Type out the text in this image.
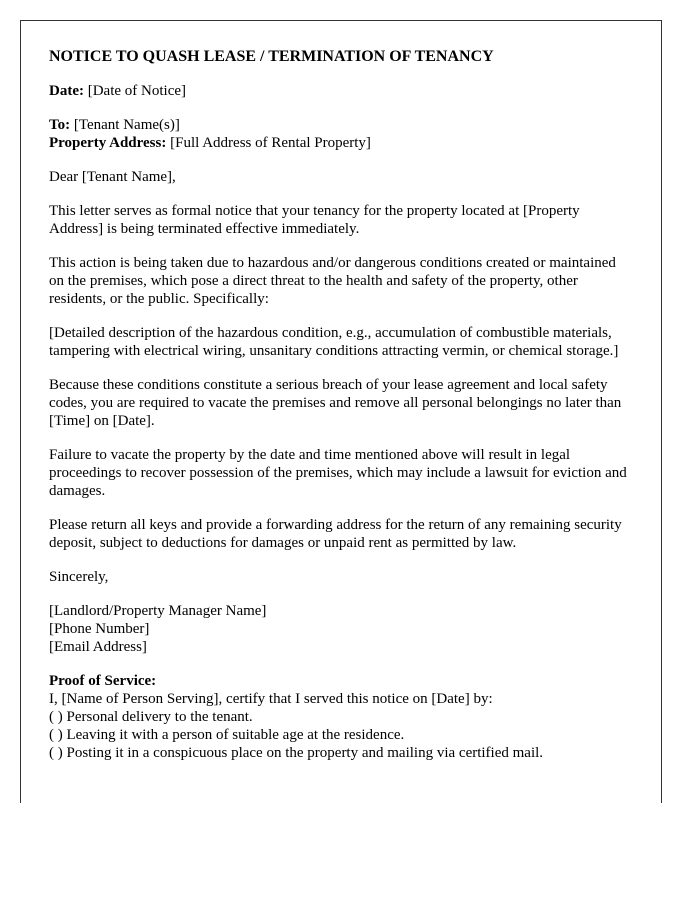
NOTICE TO QUASH LEASE / TERMINATION OF TENANCY

Date: [Date of Notice]

To: [Tenant Name(s)]
Property Address: [Full Address of Rental Property]

Dear [Tenant Name],

This letter serves as formal notice that your tenancy for the property located at [Property Address] is being terminated effective immediately.

This action is being taken due to hazardous and/or dangerous conditions created or maintained on the premises, which pose a direct threat to the health and safety of the property, other residents, or the public. Specifically:

[Detailed description of the hazardous condition, e.g., accumulation of combustible materials, tampering with electrical wiring, unsanitary conditions attracting vermin, or chemical storage.]

Because these conditions constitute a serious breach of your lease agreement and local safety codes, you are required to vacate the premises and remove all personal belongings no later than [Time] on [Date].

Failure to vacate the property by the date and time mentioned above will result in legal proceedings to recover possession of the premises, which may include a lawsuit for eviction and damages.

Please return all keys and provide a forwarding address for the return of any remaining security deposit, subject to deductions for damages or unpaid rent as permitted by law.

Sincerely,

[Landlord/Property Manager Name]
[Phone Number]
[Email Address]

Proof of Service:
I, [Name of Person Serving], certify that I served this notice on [Date] by:
( ) Personal delivery to the tenant.
( ) Leaving it with a person of suitable age at the residence.
( ) Posting it in a conspicuous place on the property and mailing via certified mail.
